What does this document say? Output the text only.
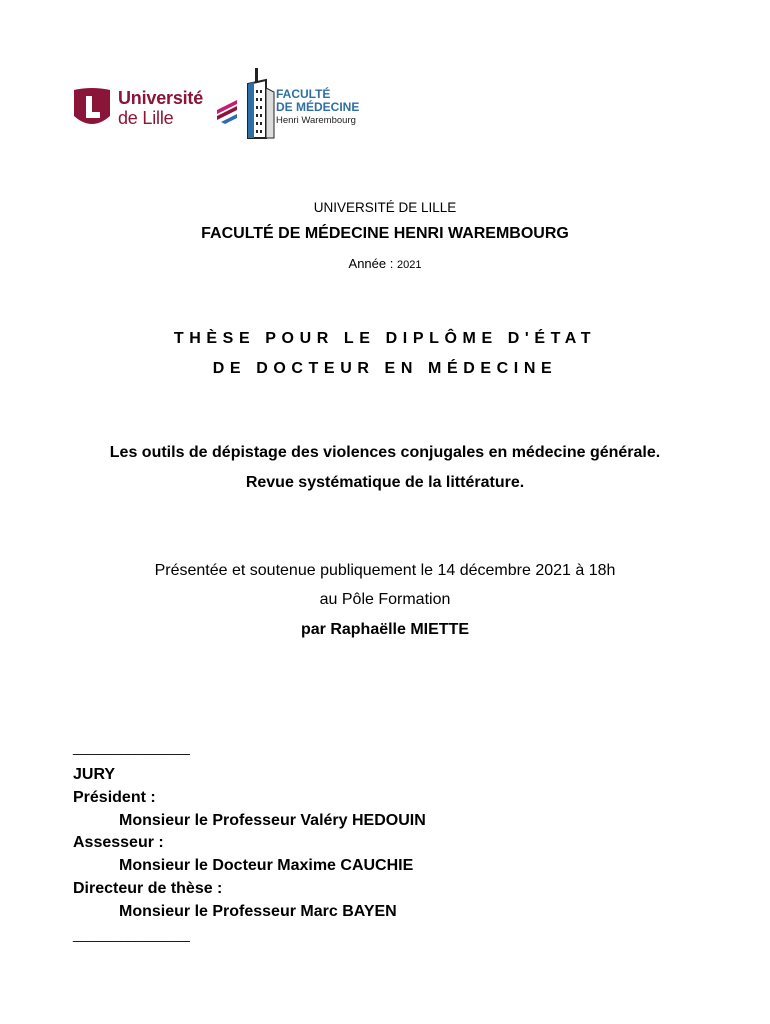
Université
de Lille
FACULTÉ
DE MÉDECINE
Henri Warembourg
UNIVERSITÉ DE LILLE
FACULTÉ DE MÉDECINE HENRI WAREMBOURG
Année : 2021
THÈSE POUR LE DIPLÔME D'ÉTAT
DE DOCTEUR EN MÉDECINE
Les outils de dépistage des violences conjugales en médecine générale.
Revue systématique de la littérature.
Présentée et soutenue publiquement le 14 décembre 2021 à 18h
au Pôle Formation
par Raphaëlle MIETTE
_______________
JURY
Président :
Monsieur le Professeur Valéry HEDOUIN
Assesseur :
Monsieur le Docteur Maxime CAUCHIE
Directeur de thèse :
Monsieur le Professeur Marc BAYEN
_______________
